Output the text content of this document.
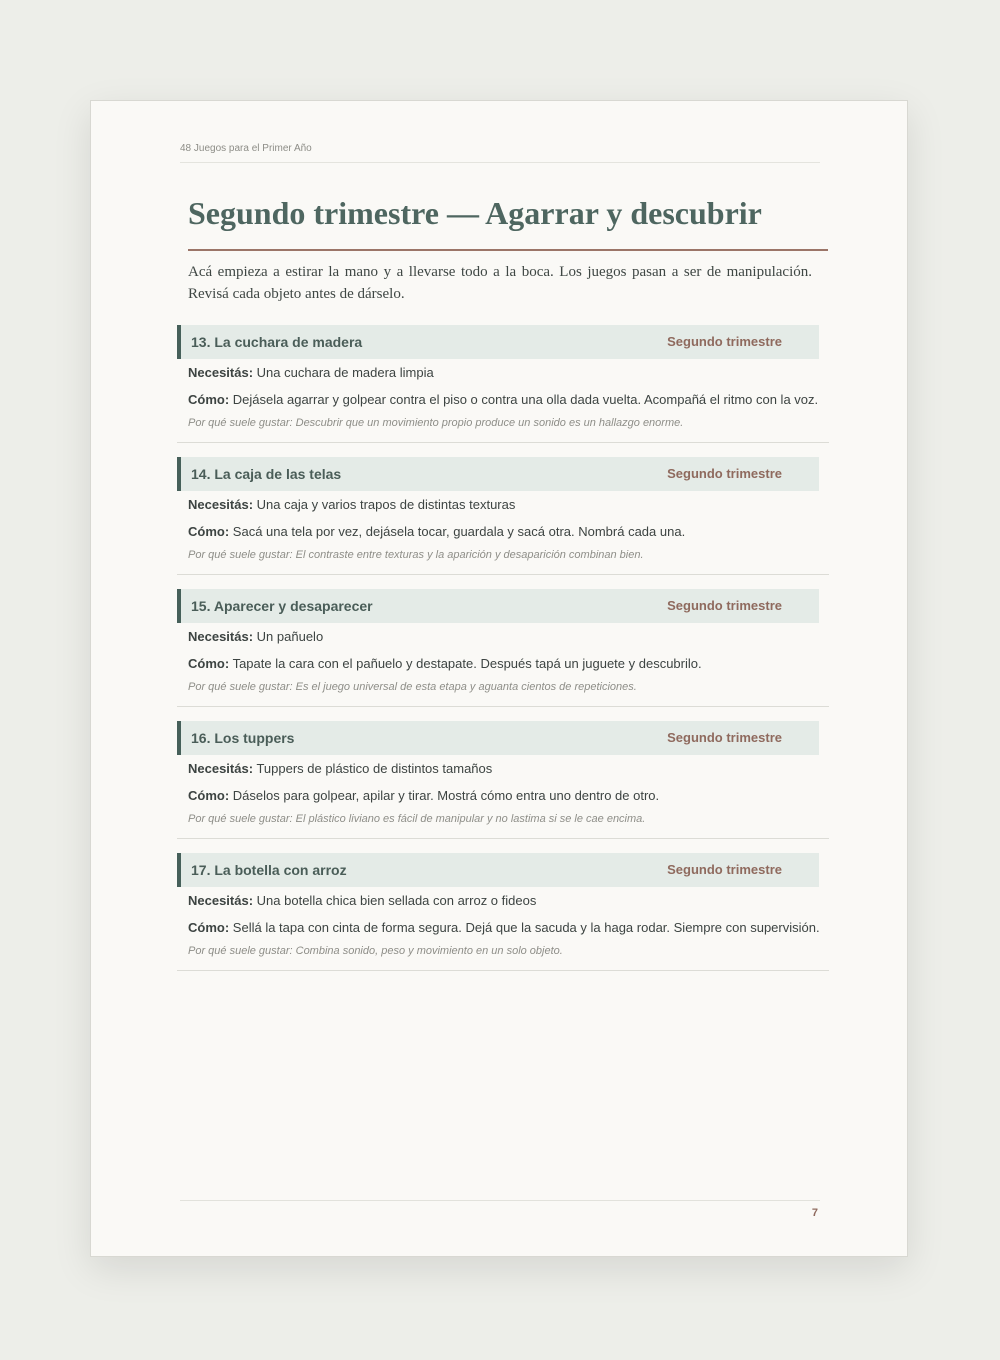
48 Juegos para el Primer Año
Segundo trimestre — Agarrar y descubrir

Acá empieza a estirar la mano y a llevarse todo a la boca. Los juegos pasan a ser de manipulación. Revisá cada objeto antes de dárselo.

13. La cuchara de madera	Segundo trimestre

Necesitás: Una cuchara de madera limpia

Cómo: Dejásela agarrar y golpear contra el piso o contra una olla dada vuelta. Acompañá el ritmo con la voz.

Por qué suele gustar: Descubrir que un movimiento propio produce un sonido es un hallazgo enorme.

14. La caja de las telas	Segundo trimestre

Necesitás: Una caja y varios trapos de distintas texturas

Cómo: Sacá una tela por vez, dejásela tocar, guardala y sacá otra. Nombrá cada una.

Por qué suele gustar: El contraste entre texturas y la aparición y desaparición combinan bien.

15. Aparecer y desaparecer	Segundo trimestre

Necesitás: Un pañuelo

Cómo: Tapate la cara con el pañuelo y destapate. Después tapá un juguete y descubrilo.

Por qué suele gustar: Es el juego universal de esta etapa y aguanta cientos de repeticiones.

16. Los tuppers	Segundo trimestre

Necesitás: Tuppers de plástico de distintos tamaños

Cómo: Dáselos para golpear, apilar y tirar. Mostrá cómo entra uno dentro de otro.

Por qué suele gustar: El plástico liviano es fácil de manipular y no lastima si se le cae encima.

17. La botella con arroz	Segundo trimestre

Necesitás: Una botella chica bien sellada con arroz o fideos

Cómo: Sellá la tapa con cinta de forma segura. Dejá que la sacuda y la haga rodar. Siempre con supervisión.

Por qué suele gustar: Combina sonido, peso y movimiento en un solo objeto.

7
